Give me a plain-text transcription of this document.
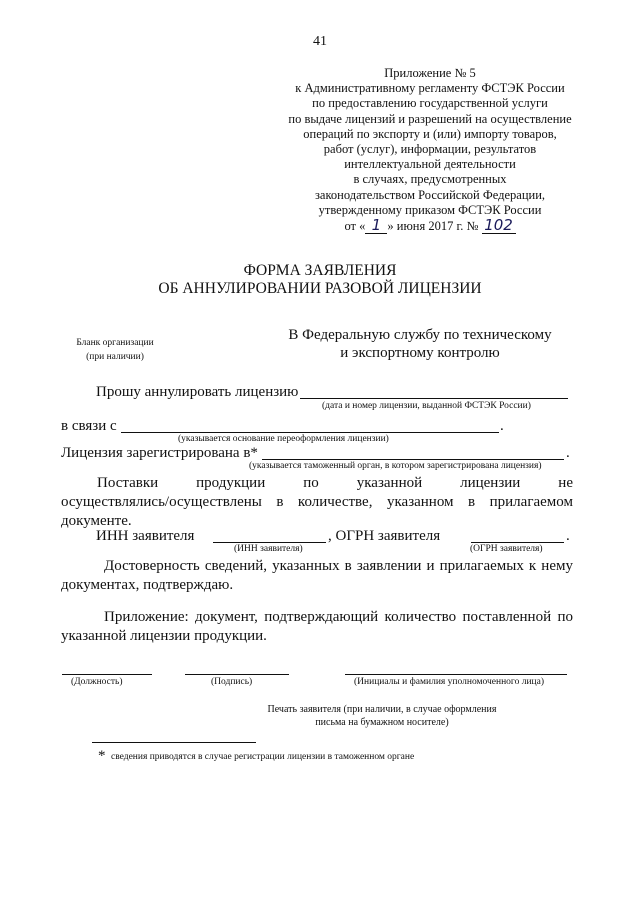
41
Приложение № 5
к Административному регламенту ФСТЭК России
по предоставлению государственной услуги
по выдаче лицензий и разрешений на осуществление
операций по экспорту и (или) импорту товаров,
работ (услуг), информации, результатов
интеллектуальной деятельности
в случаях, предусмотренных
законодательством Российской Федерации,
утвержденному приказом ФСТЭК России
от « 1 » июня 2017 г. № 102
ФОРМА ЗАЯВЛЕНИЯ
ОБ АННУЛИРОВАНИИ РАЗОВОЙ ЛИЦЕНЗИИ
Бланк организации
(при наличии)
В Федеральную службу по техническому
и экспортному контролю
Прошу аннулировать лицензию
(дата и номер лицензии, выданной ФСТЭК России)
в связи с	.
(указывается основание переоформления лицензии)
Лицензия зарегистрирована в*	.
(указывается таможенный орган, в котором зарегистрирована лицензия)
Поставки продукции по указанной лицензии не
осуществлялись/осуществлены в количестве, указанном в прилагаемом
документе.
ИНН заявителя	, ОГРН заявителя	.
(ИНН заявителя)	(ОГРН заявителя)
Достоверность сведений, указанных в заявлении и прилагаемых к нему
документах, подтверждаю.
Приложение: документ, подтверждающий количество поставленной по
указанной лицензии продукции.
(Должность)	(Подпись)	(Инициалы и фамилия уполномоченного лица)
Печать заявителя (при наличии, в случае оформления
письма на бумажном носителе)
* сведения приводятся в случае регистрации лицензии в таможенном органе
